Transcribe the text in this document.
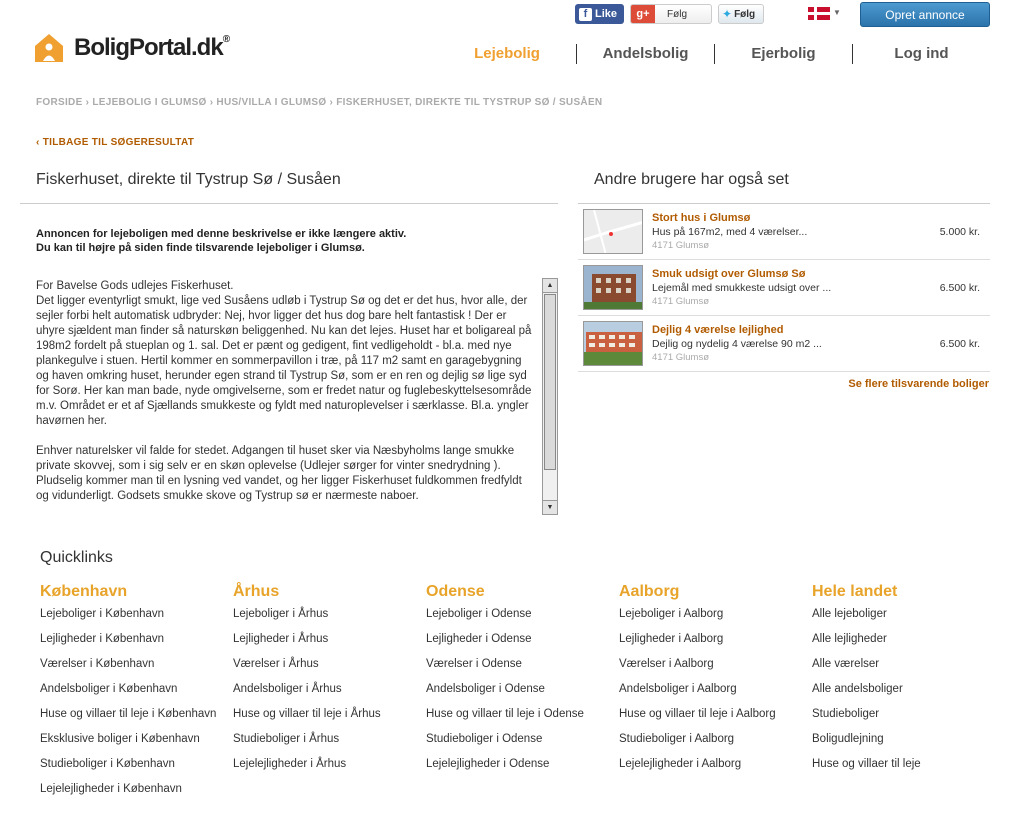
f Like	g+	Følg	✦ Følg	▼	Opret annonce
BoligPortal.dk®
Lejebolig	Andelsbolig	Ejerbolig	Log ind
FORSIDE › LEJEBOLIG I GLUMSØ › HUS/VILLA I GLUMSØ › FISKERHUSET, DIREKTE TIL TYSTRUP SØ / SUSÅEN
‹ TILBAGE TIL SØGERESULTAT
Fiskerhuset, direkte til Tystrup Sø / Susåen
Annoncen for lejeboligen med denne beskrivelse er ikke længere aktiv.
Du kan til højre på siden finde tilsvarende lejeboliger i Glumsø.

For Bavelse Gods udlejes Fiskerhuset.
Det ligger eventyrligt smukt, lige ved Susåens udløb i Tystrup Sø og det er det hus, hvor alle, der sejler forbi helt automatisk udbryder: Nej, hvor ligger det hus dog bare helt fantastisk ! Der er uhyre sjældent man finder så naturskøn beliggenhed. Nu kan det lejes. Huset har et boligareal på 198m2 fordelt på stueplan og 1. sal. Det er pænt og gedigent, fint vedligeholdt - bl.a. med nye plankegulve i stuen. Hertil kommer en sommerpavillon i træ, på 117 m2 samt en garagebygning og haven omkring huset, herunder egen strand til Tystrup Sø, som er en ren og dejlig sø lige syd for Sorø. Her kan man bade, nyde omgivelserne, som er fredet natur og fuglebeskyttelsesområde m.v. Området er et af Sjællands smukkeste og fyldt med naturoplevelser i særklasse. Bl.a. yngler havørnen her.

Enhver naturelsker vil falde for stedet. Adgangen til huset sker via Næsbyholms lange smukke private skovvej, som i sig selv er en skøn oplevelse (Udlejer sørger for vinter snedrydning ). Pludselig kommer man til en lysning ved vandet, og her ligger Fiskerhuset fuldkommen fredfyldt og vidunderligt. Godsets smukke skove og Tystrup sø er nærmeste naboer.

▲
▼
Andre brugere har også set
Stort hus i Glumsø
Hus på 167m2, med 4 værelser...
4171 Glumsø
5.000 kr.
Smuk udsigt over Glumsø Sø
Lejemål med smukkeste udsigt over ...
4171 Glumsø
6.500 kr.
Dejlig 4 værelse lejlighed
Dejlig og nydelig 4 værelse 90 m2 ...
4171 Glumsø
6.500 kr.
Se flere tilsvarende boliger
Quicklinks
København
Lejeboliger i København
Lejligheder i København
Værelser i København
Andelsboliger i København
Huse og villaer til leje i København
Eksklusive boliger i København
Studieboliger i København
Lejelejligheder i København
Århus
Lejeboliger i Århus
Lejligheder i Århus
Værelser i Århus
Andelsboliger i Århus
Huse og villaer til leje i Århus
Studieboliger i Århus
Lejelejligheder i Århus
Odense
Lejeboliger i Odense
Lejligheder i Odense
Værelser i Odense
Andelsboliger i Odense
Huse og villaer til leje i Odense
Studieboliger i Odense
Lejelejligheder i Odense
Aalborg
Lejeboliger i Aalborg
Lejligheder i Aalborg
Værelser i Aalborg
Andelsboliger i Aalborg
Huse og villaer til leje i Aalborg
Studieboliger i Aalborg
Lejelejligheder i Aalborg
Hele landet
Alle lejeboliger
Alle lejligheder
Alle værelser
Alle andelsboliger
Studieboliger
Boligudlejning
Huse og villaer til leje
